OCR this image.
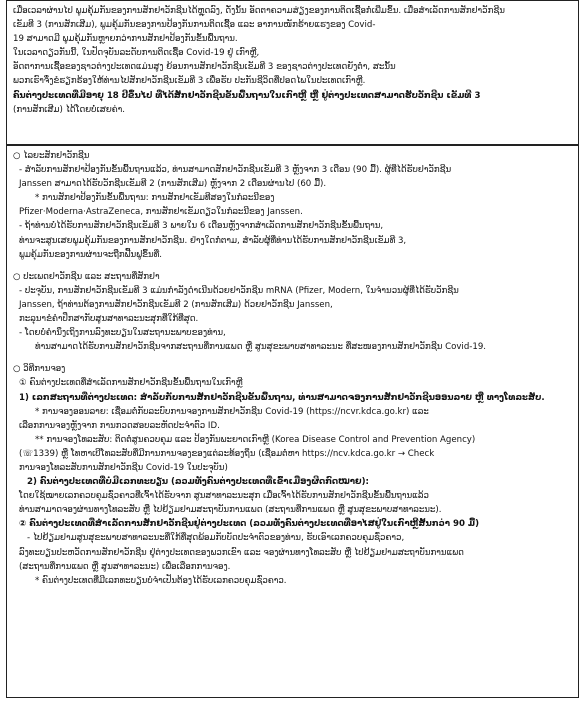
ເມື່ອເວລາຜ່ານໄປ ພູມຄຸ້ມກັນຂອງການສັກຢາວັກຊີນໄດ້ຫຼຸດລົງ, ດັ່ງນັ້ນ ອັດຕາຄວາມສ່ຽງຂອງການຕິດເຊື້ອກໍ່ເພີ່ມຂຶ້ນ. ເມື່ອສຳເລັດການສັກຢາວັກຊີນ

ເຂັມທີ 3 (ການສັກເສີມ), ພູມຄຸ້ມກັນຂອງການປ້ອງກັນການຕິດເຊື້ອ ແລະ ອາການໜັກຮ້າຍແຮງຂອງ Covid-

19 ສາມາດມີ ພູມຄຸ້ມກັນຫຼາຍກວ່າການສັກຢາປ້ອງກັນຂັ້ນພື້ນຖານ.

ໃນເວລາດຽວກັນນີ້, ໃນປັດຈຸບັນລະດັບການຕິດເຊື້ອ Covid-19 ຢູ່ ເກົາຫຼີ,

ອັດຕາການເຊື້ອຂອງຊາວຕ່າງປະເທດແມ່ນສູງ ຍ້ອນການສັກຢາວັກຊີນເຂັມທີ 3 ຂອງຊາວຕ່າງປະເທດຍັງຕໍ່າ, ສະນັ້ນ

ພວກເຮົາຈຶ່ງຂໍຮຽກຮ້ອງໃຫ້ທ່ານໄປສັກຢາວັກຊີນເຂັມທີ 3 ເພື່ອຮັບ ປະກັນຊີວິດທີ່ປອດໄພໃນປະເທດເກົາຫຼີ.

ຄົນຕ່າງປະເທດທີ່ມີອາຍຸ 18 ປີຂຶ້ນໄປ ທີ່ໄດ້ສັກຢາວັກຊີນຂັ້ນພື້ນຖານໃນເກົາຫຼີ ຫຼື ຢູ່ຕ່າງປະເທດສາມາດຮັບວັກຊີນ ເຂັມທີ 3

(ການສັກເສີມ) ໄດ້ໂດຍບໍ່ເສຍຄ່າ.

○ ໄລຍະສັກຢາວັກຊີນ

- ສຳລັບການສັກຢາປ້ອງກັນຂັ້ນພື້ນຖານແລ້ວ, ທ່ານສາມາດສັກຢາວັກຊີນເຂັມທີ 3 ຫຼັງຈາກ 3 ເດືອນ (90 ມື້). ຜູ້ທີ່ໄດ້ຮັບຢາວັກຊີນ

Janssen ສາມາດໄດ້ຮັບວັກຊີນເຂັມທີ 2 (ການສັກເສີມ) ຫຼັງຈາກ 2 ເດືອນຜ່ານໄປ (60 ມື້).

* ການສັກຢາປ້ອງກັນຂັ້ນພື້ນຖານ: ການສັກຢາເຂັມທີສອງໃນກໍລະນີຂອງ

Pfizer·Moderna·AstraZeneca, ການສັກຢາເຂັມດຽວໃນກໍລະນີຂອງ Janssen.

- ຖ້າທ່ານບໍ່ໄດ້ຮັບການສັກຢາວັກຊີນເຂັມທີ 3 ພາຍໃນ 6 ເດືອນຫຼັງຈາກສຳເລັດການສັກຢາວັກຊີນຂັ້ນພື້ນຖານ,

ທ່ານຈະສູນເສຍພູມຄຸ້ມກັນຂອງການສັກຢາວັກຊີນ. ຢ່າງໃດກໍ່ຕາມ, ສຳລັບຜູ້ທີ່ທ່ານໄດ້ຮັບການສັກຢາວັກຊີນເຂັມທີ 3,

ພູມຄຸ້ມກັນຂອງການຜ່ານຈະຖືກຟື້ນຟູຂຶ້ນທີ່.

○ ປະເພດຢາວັກຊີນ ແລະ ສະຖານທີ່ສັກຢາ

- ປະຈຸບັນ, ການສັກຢາວັກຊີນເຂັມທີ 3 ແມ່ນກຳລັງດຳເນີນດ້ວຍຢາວັກຊີນ mRNA (Pfizer, Modern, ໃນຈຳນວນຜູ້ທີ່ໄດ້ຮັບວັກຊີນ

Janssen, ຖ້າທ່ານຕ້ອງການສັກຢາວັກຊີນເຂັມທີ 2 (ການສັກເສີມ) ດ້ວຍຢາວັກຊີນ Janssen,

ກະລຸນາຂໍຄຳປຶກສາກັບສູນສາທາລະນະສຸກທີ່ໃກ້ທີ່ສຸດ.

- ໂດຍບໍ່ຄຳນຶງເຖິງການລົງທະບຽນໃນສະຖານະພາບຂອງທ່ານ,

ທ່ານສາມາດໄດ້ຮັບການສັກຢາວັກຊີນຈາກສະຖານທີ່ການແພດ ຫຼື ສູນສຸຂະພາບສາທາລະນະ ທີ່ສະໜອງການສັກຢາວັກຊີນ Covid-19.

○ ວິທີການຈອງ

① ຄົນຕ່າງປະເທດທີ່ສຳເລັດການສັກຢາວັກຊີນຂັ້ນພື້ນຖານໃນເກົາຫຼີ

1) ເລກສະຖານທີ່ຕ່າງປະເທດ: ສຳລັບກັບການສັກຢາວັກຊີນຂັ້ນພື້ນຖານ, ທ່ານສາມາດຈອງການສັກຢາວັກຊີນອອນລາຍ ຫຼື ທາງໂທລະສັບ.

* ການຈອງອອນລາຍ: ເຊື່ອມຕໍ່ກັບລະບົບການຈອງການສັກຢາວັກຊີນ Covid-19 (https://ncvr.kdca.go.kr) ແລະ

ເລືອກການຈອງຫຼັງຈາກ ການກວດສອບລະຫັດປະຈຳຕົວ ID.

** ການຈອງໂທລະສັບ: ຕິດຕໍ່ສູນຄວບຄຸມ ແລະ ປ້ອງກັນພະຍາດເກົາຫຼີ (Korea Disease Control and Prevention Agency)

(☏1339) ຫຼື ໂທຫາເບີໂທລະສັບທີ່ມີການການຈອງຂອງແຕ່ລະທ້ອງຖິ່ນ (ເຊື່ອມຕໍ່ຫາ https://ncv.kdca.go.kr → Check

ການຈອງໂທລະສັບການສັກຢາວັກຊີນ Covid-19 ໃນປະຈຸບັນ)

2) ຄົນຕ່າງປະເທດທີ່ບໍ່ມີເລກທະບຽນ (ລວມທັງຄົນຕ່າງປະເທດທີ່ເຂົ້າເມືອງຜິດກົດໝາຍ):

ໂດຍໃຊ້ໝາຍເລກຄວບຄຸມຊົ່ວຄາວທີ່ເຈົ້າໄດ້ຮັບຈາກ ສູນສາທາລະນະສຸກ ເມື່ອເຈົ້າໄດ້ຮັບການສັກຢາວັກຊີນຂັ້ນພື້ນຖານແລ້ວ

ທ່ານສາມາດຈອງຜ່ານທາງໂທລະສັບ ຫຼື ໄປຢ້ຽມຢາມສະຖາບັນການແພດ (ສະຖານທີ່ການແພດ ຫຼື ສູນສຸຂະພາບສາທາລະນະ).

② ຄົນຕ່າງປະເທດທີ່ສຳເລັດການສັກຢາວັກຊີນຢູ່ຕ່າງປະເທດ (ລວມທັງຄົນຕ່າງປະເທດທີ່ອາໄສຢູ່ໃນເກົາຫຼີສັ້ນກວ່າ 90 ມື້)

- ໄປຢ້ຽມຢາມສູນສຸຂະພາບສາທາລະນະທີ່ໃກ້ທີ່ສຸດພ້ອມກັບບັດປະຈຳຕົວຂອງທ່ານ, ຮັບເອົາເລກຄວບຄຸມຊົ່ວຄາວ,

ລົງທະບຽນປະຫວັດການສັກຢາວັກຊີນ ຢູ່ຕ່າງປະເທດຂອງພວກເຂົາ ແລະ ຈອງຜ່ານທາງໂທລະສັບ ຫຼື ໄປຢ້ຽມຢາມສະຖາບັນການແພດ

(ສະຖານທີ່ການແພດ ຫຼື ສູນສາທາລະນະ) ເພື່ອເລືອກການຈອງ.

* ຄົນຕ່າງປະເທດທີ່ມີເລກທະບຽນບໍ່ຈຳເປັນຕ້ອງໄດ້ຮັບເລກຄວບຄຸມຊົ່ວຄາວ.
